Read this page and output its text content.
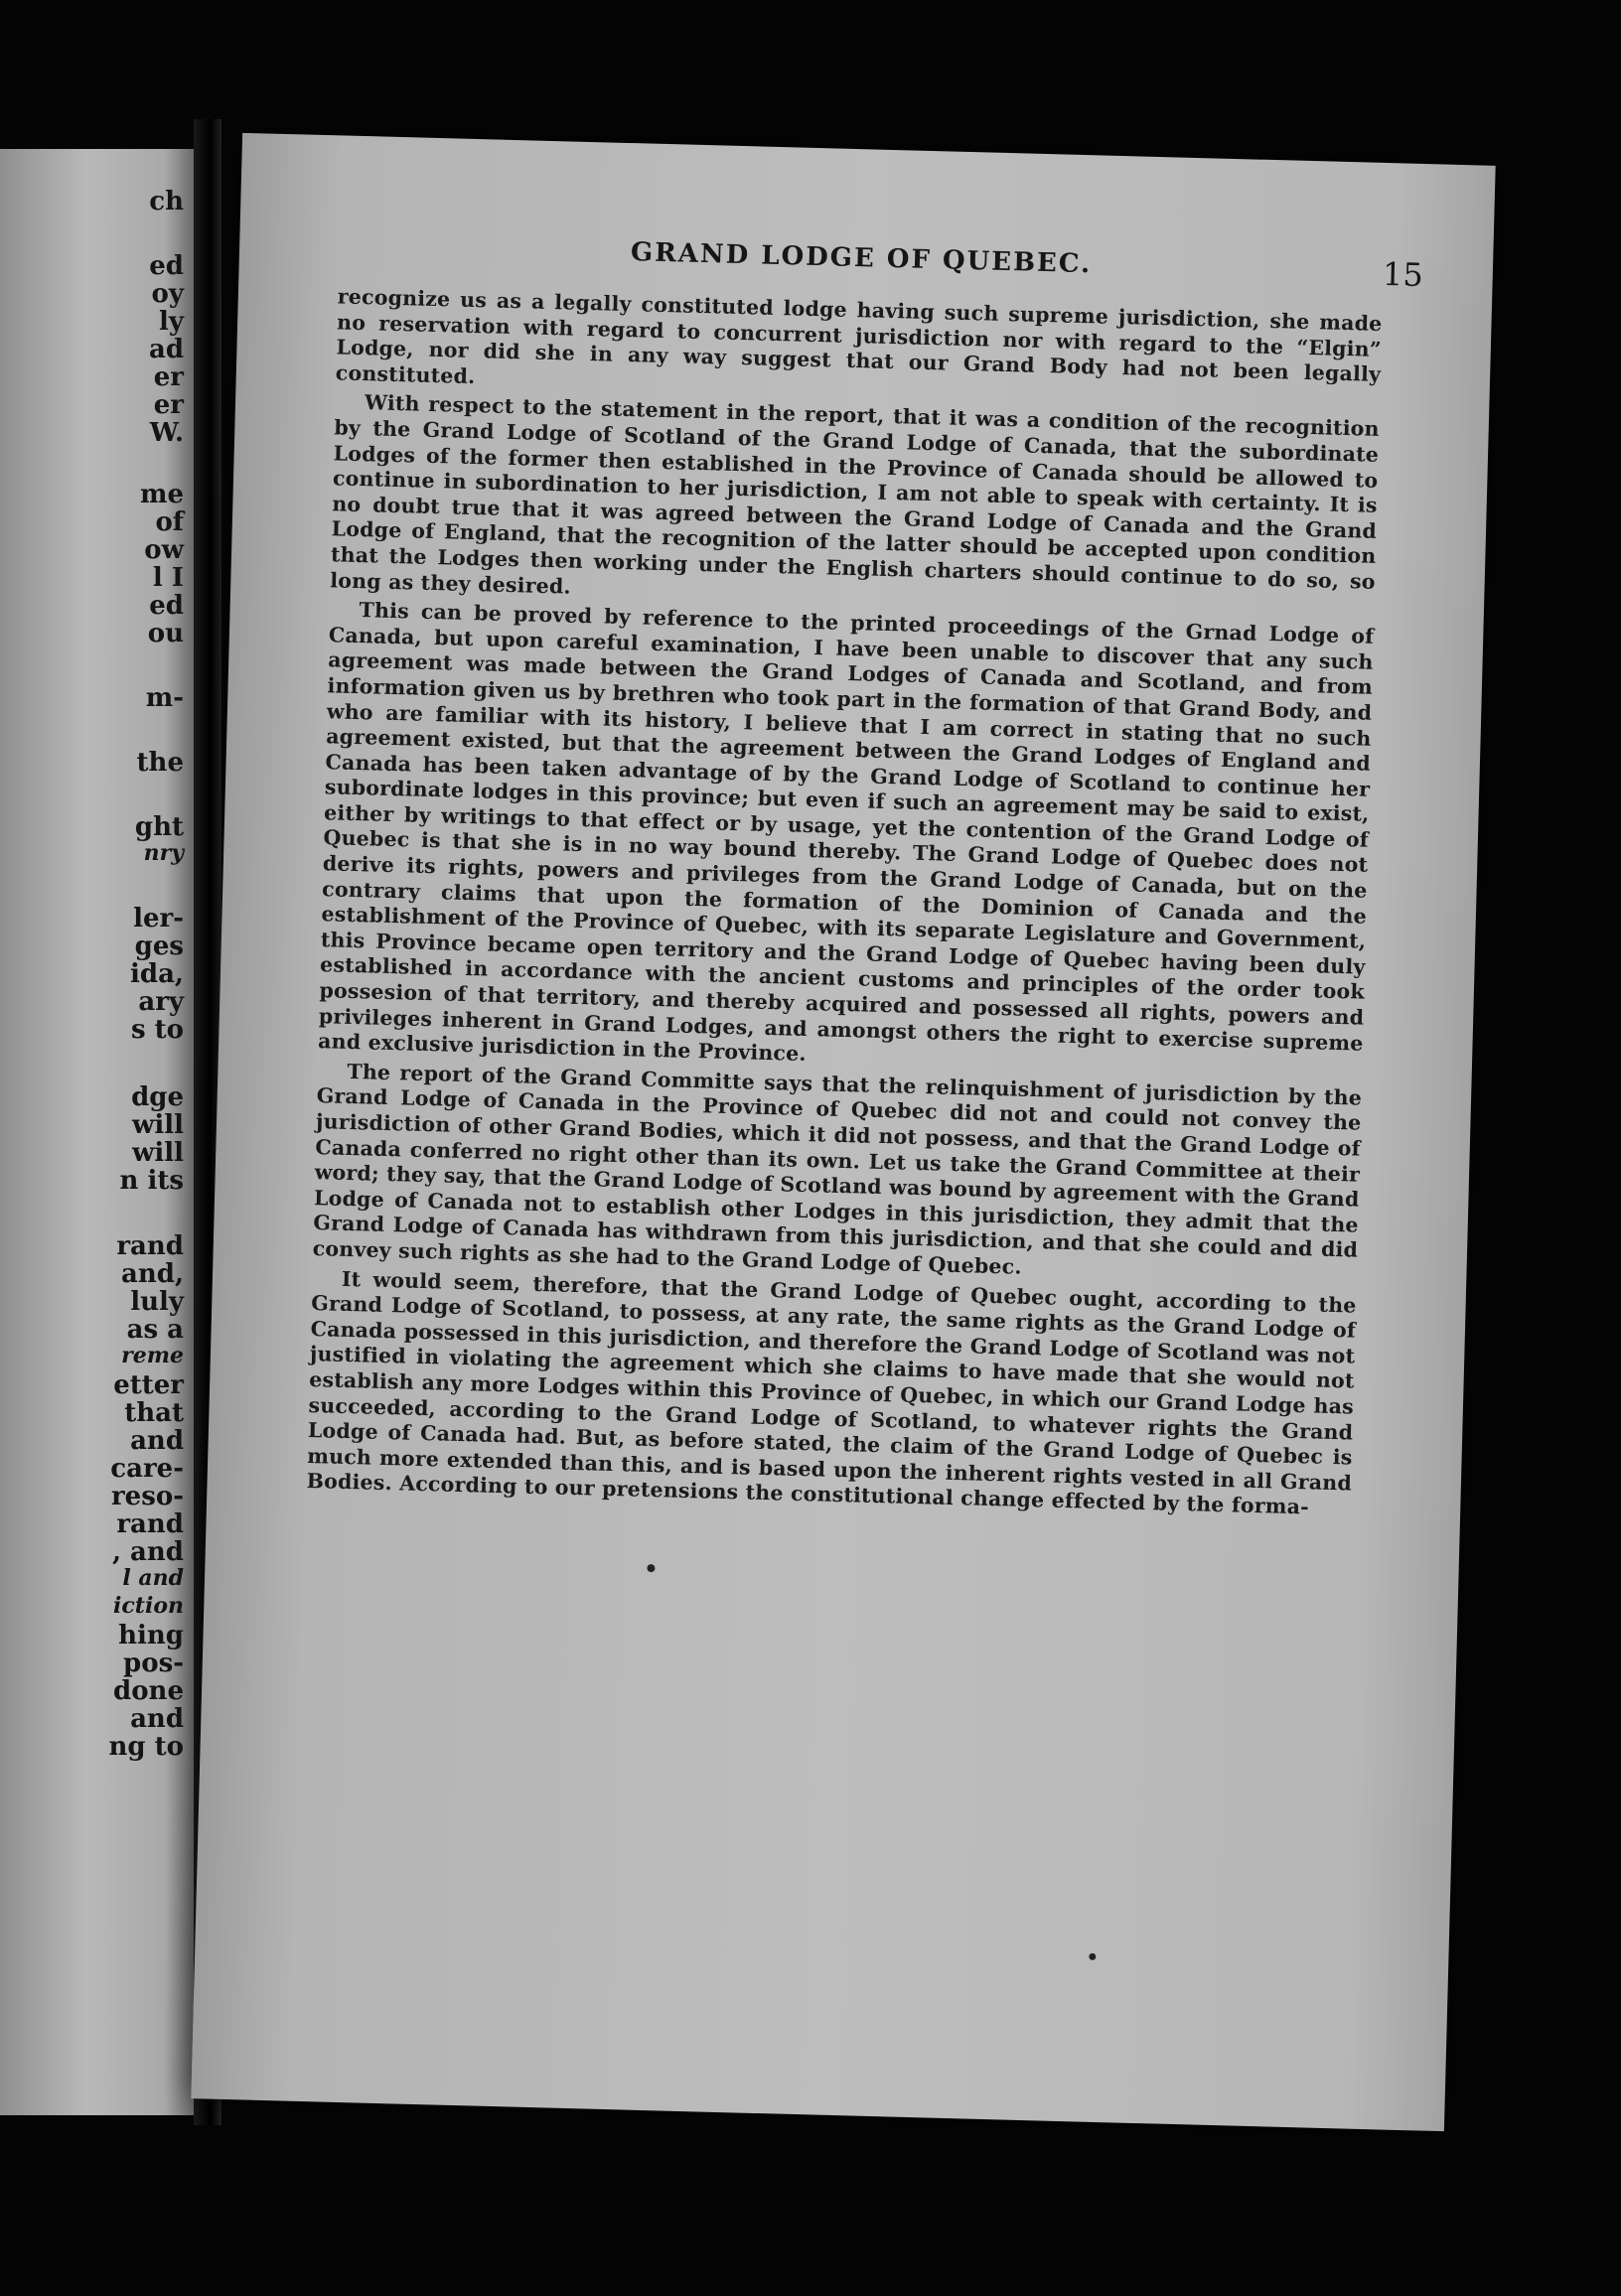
ch
ed
oy
ly
ad
er
er
W.
me
of
ow
l I
ed
ou
m-
the
ght
nry
ler-
ges
ida,
ary
s to
dge
will
will
n its
rand
and,
luly
as a
reme
etter
that
and
care-
reso-
rand
, and
l and
iction
hing
pos-
done
and
ng to
GRAND LODGE OF QUEBEC.	15

recognize us as a legally constituted lodge having such supreme jurisdiction, she made no reservation with regard to concurrent jurisdiction nor with regard to the “Elgin” Lodge, nor did she in any way suggest that our Grand Body had not been legally constituted.

With respect to the statement in the report, that it was a condition of the recognition by the Grand Lodge of Scotland of the Grand Lodge of Canada, that the subordinate Lodges of the former then established in the Province of Canada should be allowed to continue in subordination to her jurisdiction, I am not able to speak with certainty. It is no doubt true that it was agreed between the Grand Lodge of Canada and the Grand Lodge of England, that the recognition of the latter should be accepted upon condition that the Lodges then working under the English charters should continue to do so, so long as they desired.

This can be proved by reference to the printed proceedings of the Grnad Lodge of Canada, but upon careful examination, I have been unable to discover that any such agreement was made between the Grand Lodges of Canada and Scotland, and from information given us by brethren who took part in the formation of that Grand Body, and who are familiar with its history, I believe that I am correct in stating that no such agreement existed, but that the agreement between the Grand Lodges of England and Canada has been taken advantage of by the Grand Lodge of Scotland to continue her subordinate lodges in this province; but even if such an agreement may be said to exist, either by writings to that effect or by usage, yet the contention of the Grand Lodge of Quebec is that she is in no way bound thereby. The Grand Lodge of Quebec does not derive its rights, powers and privileges from the Grand Lodge of Canada, but on the contrary claims that upon the formation of the Dominion of Canada and the establishment of the Province of Quebec, with its separate Legislature and Government, this Province became open territory and the Grand Lodge of Quebec having been duly established in accordance with the ancient customs and principles of the order took possesion of that territory, and thereby acquired and possessed all rights, powers and privileges inherent in Grand Lodges, and amongst others the right to exercise supreme and exclusive jurisdiction in the Province.

The report of the Grand Committe says that the relinquishment of jurisdiction by the Grand Lodge of Canada in the Province of Quebec did not and could not convey the jurisdiction of other Grand Bodies, which it did not possess, and that the Grand Lodge of Canada conferred no right other than its own. Let us take the Grand Committee at their word; they say, that the Grand Lodge of Scotland was bound by agreement with the Grand Lodge of Canada not to establish other Lodges in this jurisdiction, they admit that the Grand Lodge of Canada has withdrawn from this jurisdiction, and that she could and did convey such rights as she had to the Grand Lodge of Quebec.

It would seem, therefore, that the Grand Lodge of Quebec ought, according to the Grand Lodge of Scotland, to possess, at any rate, the same rights as the Grand Lodge of Canada possessed in this jurisdiction, and therefore the Grand Lodge of Scotland was not justified in violating the agreement which she claims to have made that she would not establish any more Lodges within this Province of Quebec, in which our Grand Lodge has succeeded, according to the Grand Lodge of Scotland, to whatever rights the Grand Lodge of Canada had. But, as before stated, the claim of the Grand Lodge of Quebec is much more extended than this, and is based upon the inherent rights vested in all Grand Bodies. According to our pretensions the constitutional change effected by the forma-
